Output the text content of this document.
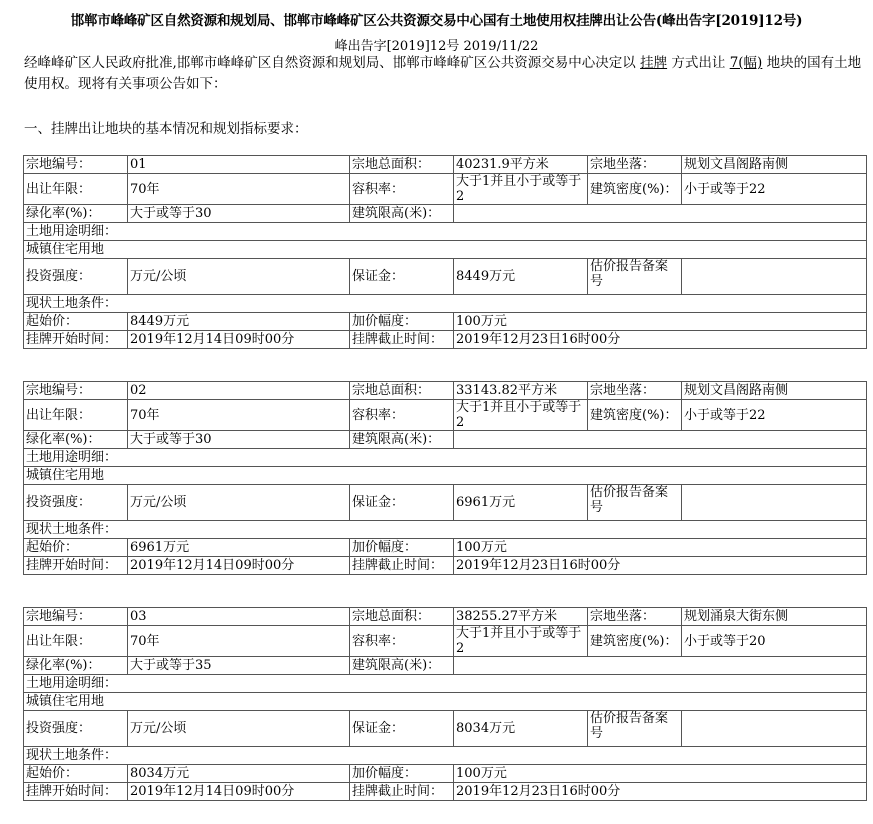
邯郸市峰峰矿区自然资源和规划局、邯郸市峰峰矿区公共资源交易中心国有土地使用权挂牌出让公告(峰出告字[2019]12号)
峰出告字[2019]12号 2019/11/22
经峰峰矿区人民政府批准,邯郸市峰峰矿区自然资源和规划局、邯郸市峰峰矿区公共资源交易中心决定以 挂牌 方式出让 7(幅) 地块的国有土地使用权。现将有关事项公告如下：
一、挂牌出让地块的基本情况和规划指标要求：
宗地编号：	01	宗地总面积：	40231.9平方米	宗地坐落：	规划文昌阁路南侧
出让年限：	70年	容积率：	大于1并且小于或等于2	建筑密度(%)：	小于或等于22
绿化率(%)：	大于或等于30	建筑限高(米)：			
土地用途明细：					
城镇住宅用地					
投资强度：	万元/公顷	保证金：	8449万元	估价报告备案号	
现状土地条件：					
起始价：	8449万元	加价幅度：	100万元		
挂牌开始时间：	2019年12月14日09时00分	挂牌截止时间：	2019年12月23日16时00分		
宗地编号：	02	宗地总面积：	33143.82平方米	宗地坐落：	规划文昌阁路南侧
出让年限：	70年	容积率：	大于1并且小于或等于2	建筑密度(%)：	小于或等于22
绿化率(%)：	大于或等于30	建筑限高(米)：			
土地用途明细：					
城镇住宅用地					
投资强度：	万元/公顷	保证金：	6961万元	估价报告备案号	
现状土地条件：					
起始价：	6961万元	加价幅度：	100万元		
挂牌开始时间：	2019年12月14日09时00分	挂牌截止时间：	2019年12月23日16时00分		
宗地编号：	03	宗地总面积：	38255.27平方米	宗地坐落：	规划涌泉大街东侧
出让年限：	70年	容积率：	大于1并且小于或等于2	建筑密度(%)：	小于或等于20
绿化率(%)：	大于或等于35	建筑限高(米)：			
土地用途明细：					
城镇住宅用地					
投资强度：	万元/公顷	保证金：	8034万元	估价报告备案号	
现状土地条件：					
起始价：	8034万元	加价幅度：	100万元		
挂牌开始时间：	2019年12月14日09时00分	挂牌截止时间：	2019年12月23日16时00分		
